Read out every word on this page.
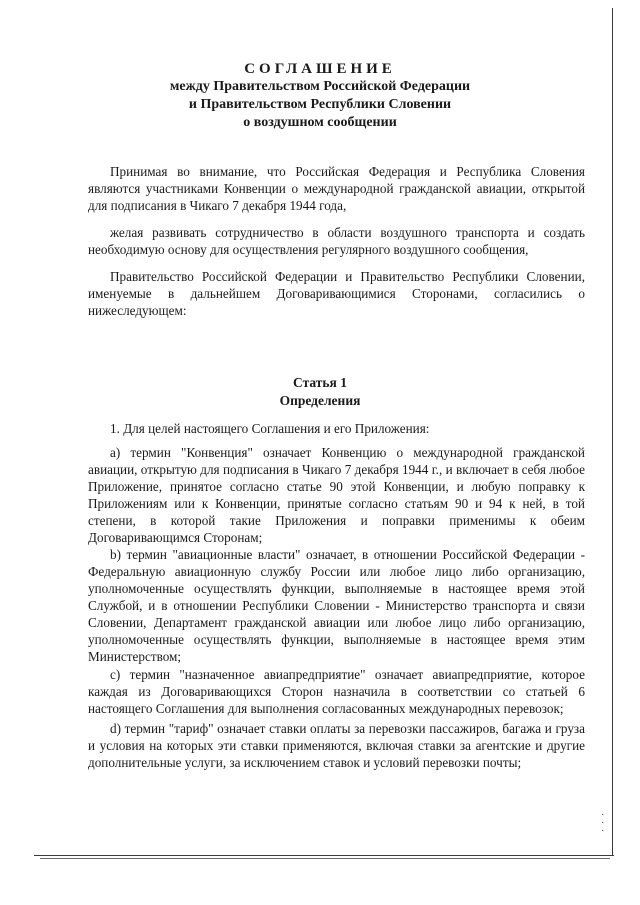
·
·
·
СОГЛАШЕНИЕ
между Правительством Российской Федерации
и Правительством Республики Словении
о воздушном сообщении

Принимая во внимание, что Российская Федерация и Республика Словения являются участниками Конвенции о международной гражданской авиации, открытой для подписания в Чикаго 7 декабря 1944 года,

желая развивать сотрудничество в области воздушного транспорта и создать необходимую основу для осуществления регулярного воздушного сообщения,

Правительство Российской Федерации и Правительство Республики Словении, именуемые в дальнейшем Договаривающимися Сторонами, согласились о нижеследующем:

Статья 1
Определения

1. Для целей настоящего Соглашения и его Приложения:

a) термин "Конвенция" означает Конвенцию о международной гражданской авиации, открытую для подписания в Чикаго 7 декабря 1944 г., и включает в себя любое Приложение, принятое согласно статье 90 этой Конвенции, и любую поправку к Приложениям или к Конвенции, принятые согласно статьям 90 и 94 к ней, в той степени, в которой такие Приложения и поправки применимы к обеим Договаривающимся Сторонам;

b) термин "авиационные власти" означает, в отношении Российской Федерации - Федеральную авиационную службу России или любое лицо либо организацию, уполномоченные осуществлять функции, выполняемые в настоящее время этой Службой, и в отношении Республики Словении - Министерство транспорта и связи Словении, Департамент гражданской авиации или любое лицо либо организацию, уполномоченные осуществлять функции, выполняемые в настоящее время этим Министерством;

c) термин "назначенное авиапредприятие" означает авиапредприятие, которое каждая из Договаривающихся Сторон назначила в соответствии со статьей 6 настоящего Соглашения для выполнения согласованных международных перевозок;

d) термин "тариф" означает ставки оплаты за перевозки пассажиров, багажа и груза и условия на которых эти ставки применяются, включая ставки за агентские и другие дополнительные услуги, за исключением ставок и условий перевозки почты;
